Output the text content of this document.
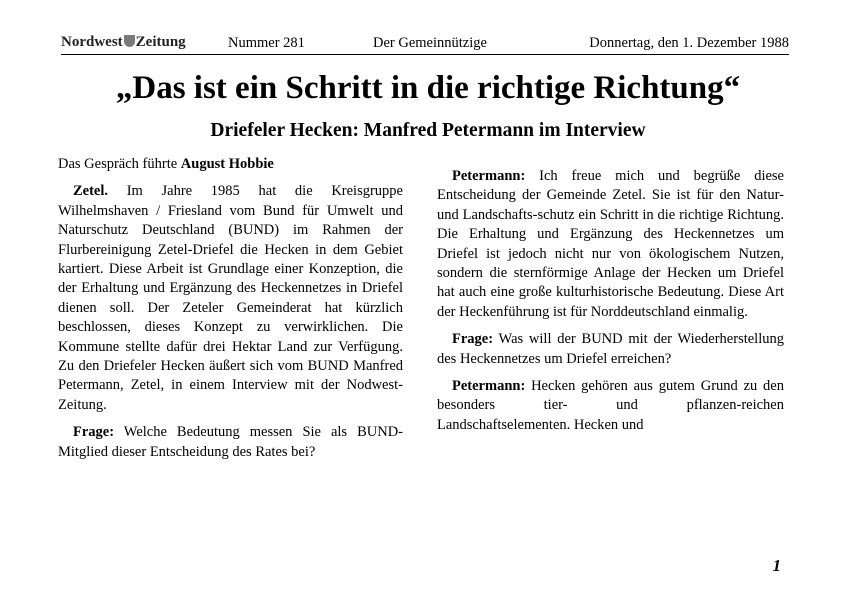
Nordwest Zeitung	Nummer 281	Der Gemeinnützige	Donnertag, den 1. Dezember 1988
„Das ist ein Schritt in die richtige Richtung“
Driefeler Hecken: Manfred Petermann im Interview

Das Gespräch führte August Hobbie

Zetel. Im Jahre 1985 hat die Kreisgruppe Wilhelmshaven / Friesland vom Bund für Umwelt und Naturschutz Deutschland (BUND) im Rahmen der Flurbereinigung Zetel-Driefel die Hecken in dem Gebiet kartiert. Diese Arbeit ist Grundlage einer Konzeption, die der Erhaltung und Ergänzung des Heckennetzes in Driefel dienen soll. Der Zeteler Gemeinderat hat kürzlich beschlossen, dieses Konzept zu verwirklichen. Die Kommune stellte dafür drei Hektar Land zur Verfügung. Zu den Driefeler Hecken äußert sich vom BUND Manfred Petermann, Zetel, in einem Interview mit der Nodwest-Zeitung.

Frage: Welche Bedeutung messen Sie als BUND-Mitglied dieser Entscheidung des Rates bei?

Petermann: Ich freue mich und begrüße diese Entscheidung der Gemeinde Zetel. Sie ist für den Natur- und Landschafts-schutz ein Schritt in die richtige Richtung. Die Erhaltung und Ergänzung des Heckennetzes um Driefel ist jedoch nicht nur von ökologischem Nutzen, sondern die sternförmige Anlage der Hecken um Driefel hat auch eine große kulturhistorische Bedeutung. Diese Art der Heckenführung ist für Norddeutschland einmalig.

Frage: Was will der BUND mit der Wiederherstellung des Heckennetzes um Driefel erreichen?

Petermann: Hecken gehören aus gutem Grund zu den besonders tier- und pflanzen-reichen Landschaftselementen. Hecken und

1
